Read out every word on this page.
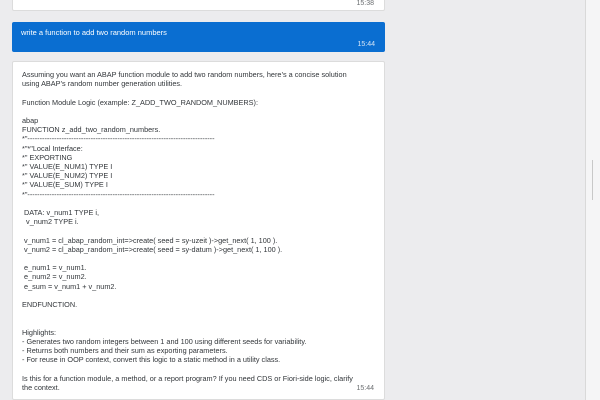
15:38
write a function to add two random numbers
15:44
Assuming you want an ABAP function module to add two random numbers, here’s a concise solution
using ABAP’s random number generation utilities.
Function Module Logic (example: Z_ADD_TWO_RANDOM_NUMBERS):
abap
FUNCTION z_add_two_random_numbers.
*"-----------------------------------------------------------------------------
*"*"Local Interface:
*" EXPORTING
*" VALUE(E_NUM1) TYPE I
*" VALUE(E_NUM2) TYPE I
*" VALUE(E_SUM) TYPE I
*"-----------------------------------------------------------------------------
DATA: v_num1 TYPE i,
v_num2 TYPE i.
v_num1 = cl_abap_random_int=>create( seed = sy-uzeit )->get_next( 1, 100 ).
v_num2 = cl_abap_random_int=>create( seed = sy-datum )->get_next( 1, 100 ).
e_num1 = v_num1.
e_num2 = v_num2.
e_sum = v_num1 + v_num2.
ENDFUNCTION.
Highlights:
- Generates two random integers between 1 and 100 using different seeds for variability.
- Returns both numbers and their sum as exporting parameters.
- For reuse in OOP context, convert this logic to a static method in a utility class.
Is this for a function module, a method, or a report program? If you need CDS or Fiori-side logic, clarify
the context.	15:44
